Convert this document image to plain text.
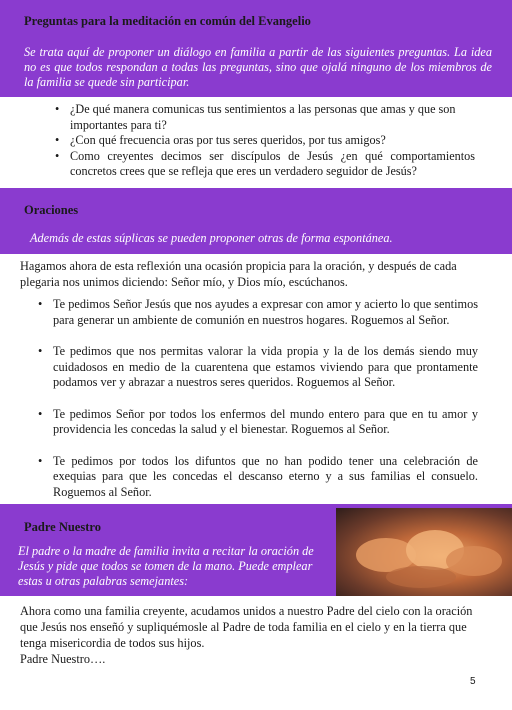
Preguntas para la meditación en común del Evangelio
Se trata aquí de proponer un diálogo en familia a partir de las siguientes preguntas. La idea no es que todos respondan a todas las preguntas, sino que ojalá ninguno de los miembros de la familia se quede sin participar.
• ¿De qué manera comunicas tus sentimientos a las personas que amas y que son importantes para ti?
• ¿Con qué frecuencia oras por tus seres queridos, por tus amigos?
• Como creyentes decimos ser discípulos de Jesús ¿en qué comportamientos concretos crees que se refleja que eres un verdadero seguidor de Jesús?
Oraciones
Además de estas súplicas se pueden proponer otras de forma espontánea.
Hagamos ahora de esta reflexión una ocasión propicia para la oración, y después de cada plegaria nos unimos diciendo: Señor mío, y Dios mío, escúchanos.
• Te pedimos Señor Jesús que nos ayudes a expresar con amor y acierto lo que sentimos para generar un ambiente de comunión en nuestros hogares. Roguemos al Señor.
• Te pedimos que nos permitas valorar la vida propia y la de los demás siendo muy cuidadosos en medio de la cuarentena que estamos viviendo para que prontamente podamos ver y abrazar a nuestros seres queridos. Roguemos al Señor.
• Te pedimos Señor por todos los enfermos del mundo entero para que en tu amor y providencia les concedas la salud y el bienestar. Roguemos al Señor.
• Te pedimos por todos los difuntos que no han podido tener una celebración de exequias para que les concedas el descanso eterno y a sus familias el consuelo. Roguemos al Señor.
Padre Nuestro
El padre o la madre de familia invita a recitar la oración de Jesús y pide que todos se tomen de la mano. Puede emplear estas u otras palabras semejantes:
Ahora como una familia creyente, acudamos unidos a nuestro Padre del cielo con la oración que Jesús nos enseñó y supliquémosle al Padre de toda familia en el cielo y en la tierra que tenga misericordia de todos sus hijos.
Padre Nuestro….
5
